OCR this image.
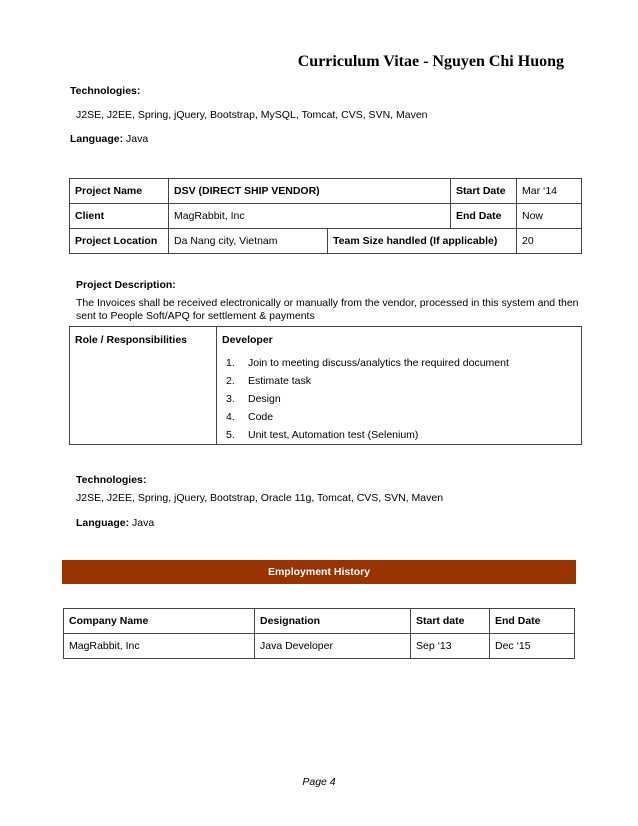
Curriculum Vitae - Nguyen Chi Huong
Technologies:
J2SE, J2EE, Spring, jQuery, Bootstrap, MySQL, Tomcat, CVS, SVN, Maven
Language: Java
Project Name	DSV (DIRECT SHIP VENDOR)		Start Date	Mar ‘14
Client	MagRabbit, Inc		End Date	Now
Project Location	Da Nang city, Vietnam	Team Size handled (If applicable)		20
Project Description:
The Invoices shall be received electronically or manually from the vendor, processed in this system and then
sent to People Soft/APQ for settlement & payments
Role / Responsibilities	Developer
1. Join to meeting discuss/analytics the required document
2. Estimate task
3. Design
4. Code
5. Unit test, Automation test (Selenium)
Technologies:
J2SE, J2EE, Spring, jQuery, Bootstrap, Oracle 11g, Tomcat, CVS, SVN, Maven
Language: Java
Employment History
Company Name	Designation	Start date	End Date
MagRabbit, Inc	Java Developer	Sep ‘13	Dec ‘15
Page 4
